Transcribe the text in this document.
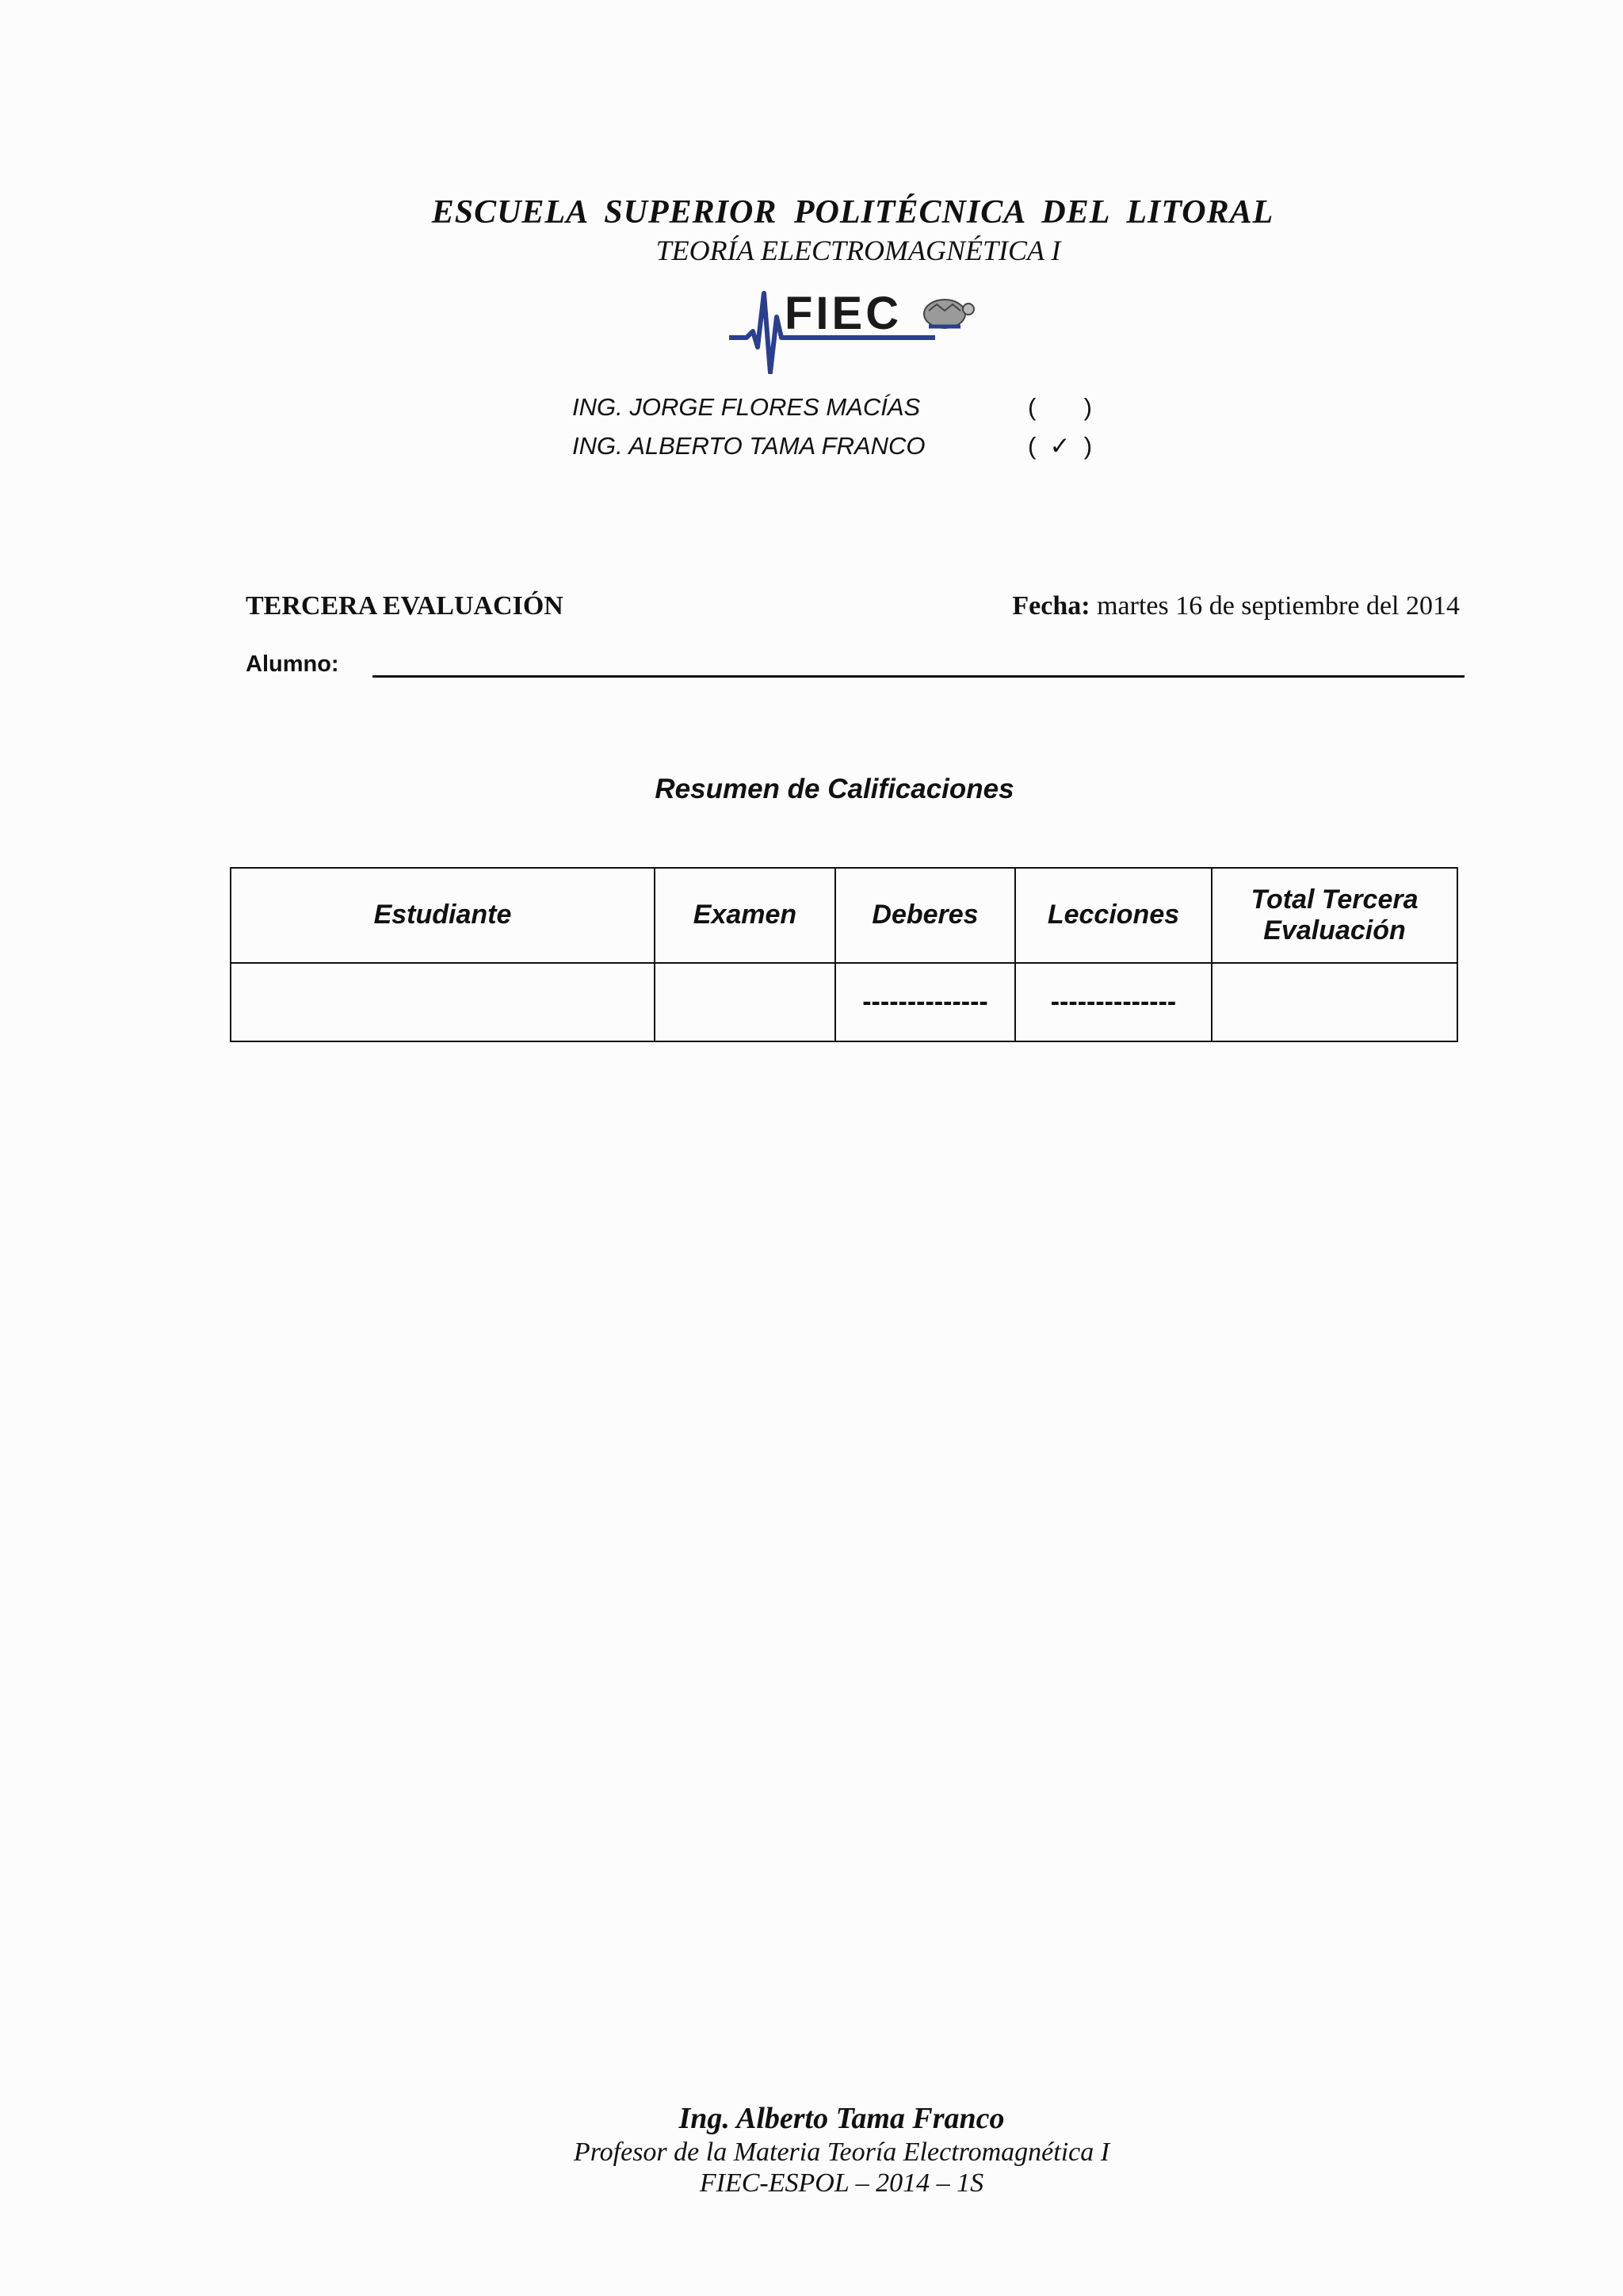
ESCUELA SUPERIOR POLITÉCNICA DEL LITORAL
TEORÍA ELECTROMAGNÉTICA I
FIEC
ING. JORGE FLORES MACÍAS	(       )
ING. ALBERTO TAMA FRANCO	(  ✓  )
TERCERA EVALUACIÓN	Fecha: martes 16 de septiembre del 2014
Alumno:
Resumen de Calificaciones
Estudiante	Examen	Deberes	Lecciones	Total Tercera Evaluación
		--------------	--------------	
Ing. Alberto Tama Franco
Profesor de la Materia Teoría Electromagnética I
FIEC-ESPOL – 2014 – 1S
